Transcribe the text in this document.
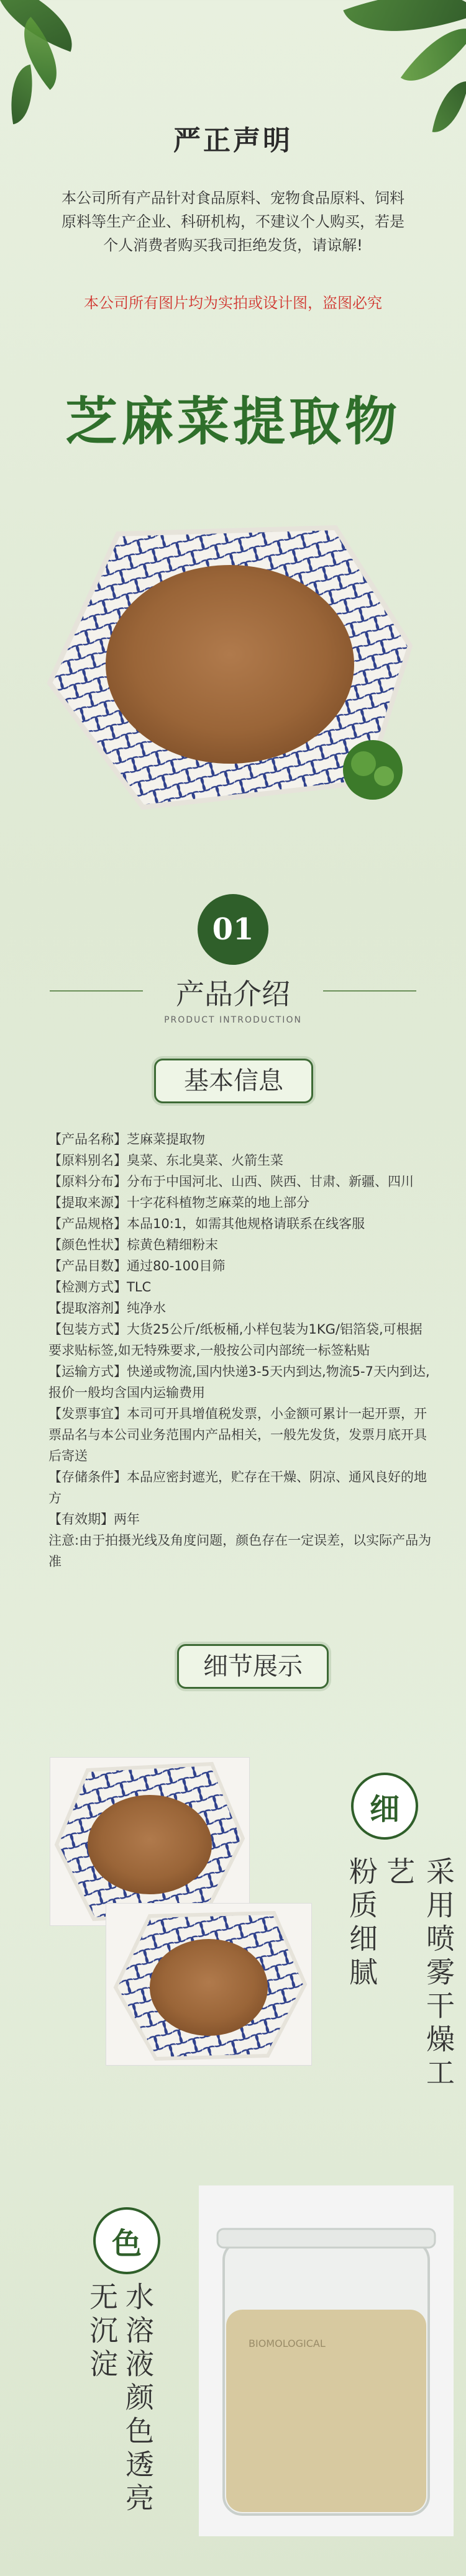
严正声明
本公司所有产品针对食品原料、宠物食品原料、饲料原料等生产企业、科研机构，不建议个人购买，若是个人消费者购买我司拒绝发货，请谅解!
本公司所有图片均为实拍或设计图，盗图必究
芝麻菜提取物
01
产品介绍
PRODUCT INTRODUCTION
基本信息

【产品名称】芝麻菜提取物

【原料别名】臭菜、东北臭菜、火箭生菜

【原料分布】分布于中国河北、山西、陕西、甘肃、新疆、四川

【提取来源】十字花科植物芝麻菜的地上部分

【产品规格】本品10:1，如需其他规格请联系在线客服

【颜色性状】棕黄色精细粉末

【产品目数】通过80-100目筛

【检测方式】TLC

【提取溶剂】纯净水

【包装方式】大货25公斤/纸板桶,小样包装为1KG/铝箔袋,可根据要求贴标签,如无特殊要求,一般按公司内部统一标签粘贴

【运输方式】快递或物流,国内快递3-5天内到达,物流5-7天内到达,报价一般均含国内运输费用

【发票事宜】本司可开具增值税发票，小金额可累计一起开票，开票品名与本公司业务范围内产品相关，一般先发货，发票月底开具后寄送

【存储条件】本品应密封遮光，贮存在干燥、阴凉、通风良好的地方

【有效期】两年

注意:由于拍摄光线及角度问题，颜色存在一定误差，以实际产品为准

细节展示
细
采用喷雾干燥工艺
粉质细腻
色
水溶液颜色透亮
无沉淀	BIOMOLOGICAL
